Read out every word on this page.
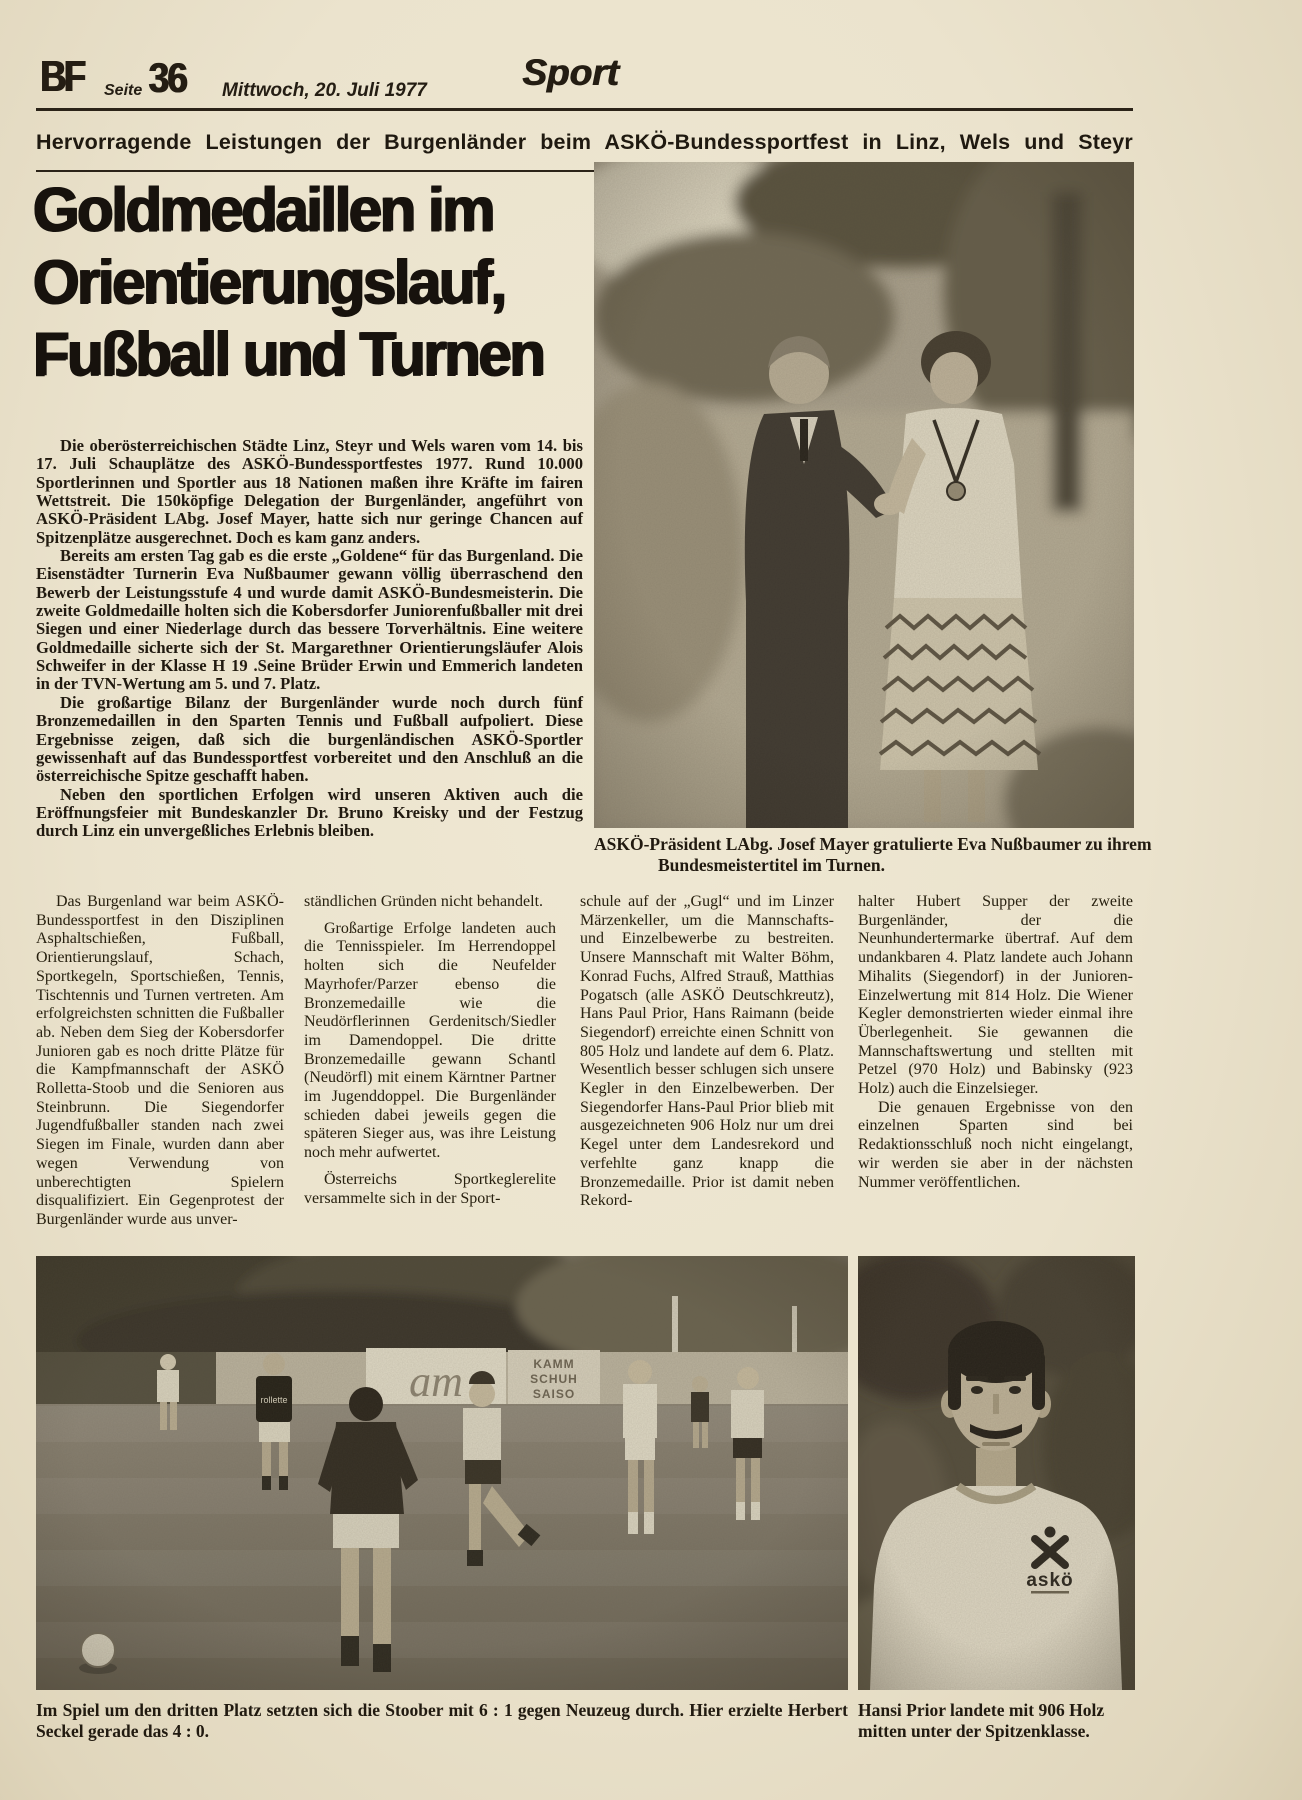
BF Seite 36 Mittwoch, 20. Juli 1977	Sport
Hervorragende Leistungen der Burgenländer beim ASKÖ-Bundessportfest in Linz, Wels und Steyr
Goldmedaillen im
Orientierungslauf,
Fußball und Turnen

Die oberösterreichischen Städte Linz, Steyr und Wels waren vom 14. bis 17. Juli Schauplätze des ASKÖ-Bundessportfestes 1977. Rund 10.000 Sportlerinnen und Sportler aus 18 Nationen maßen ihre Kräfte im fairen Wettstreit. Die 150köpfige Delegation der Burgenländer, angeführt von ASKÖ-Präsident LAbg. Josef Mayer, hatte sich nur geringe Chancen auf Spitzenplätze ausgerechnet. Doch es kam ganz anders.

Bereits am ersten Tag gab es die erste „Goldene“ für das Burgenland. Die Eisenstädter Turnerin Eva Nußbaumer gewann völlig überraschend den Bewerb der Leistungsstufe 4 und wurde damit ASKÖ-Bundesmeisterin. Die zweite Goldmedaille holten sich die Kobersdorfer Juniorenfußballer mit drei Siegen und einer Niederlage durch das bessere Torverhältnis. Eine weitere Goldmedaille sicherte sich der St. Margarethner Orientierungsläufer Alois Schweifer in der Klasse H 19 .Seine Brüder Erwin und Emmerich landeten in der TVN-Wertung am 5. und 7. Platz.

Die großartige Bilanz der Burgenländer wurde noch durch fünf Bronzemedaillen in den Sparten Tennis und Fußball aufpoliert. Diese Ergebnisse zeigen, daß sich die burgenländischen ASKÖ-Sportler gewissenhaft auf das Bundessportfest vorbereitet und den Anschluß an die österreichische Spitze geschafft haben.

Neben den sportlichen Erfolgen wird unseren Aktiven auch die Eröffnungsfeier mit Bundeskanzler Dr. Bruno Kreisky und der Festzug durch Linz ein unvergeßliches Erlebnis bleiben.

ASKÖ-Präsident LAbg. Josef Mayer gratulierte Eva Nußbaumer zu ihrem Bundesmeistertitel im Turnen.

Das Burgenland war beim ASKÖ-Bundessportfest in den Disziplinen Asphaltschießen, Fußball, Orientierungslauf, Schach, Sportkegeln, Sportschießen, Tennis, Tischtennis und Turnen vertreten. Am erfolgreichsten schnitten die Fußballer ab. Neben dem Sieg der Kobersdorfer Junioren gab es noch dritte Plätze für die Kampfmannschaft der ASKÖ Rolletta-Stoob und die Senioren aus Steinbrunn. Die Siegendorfer Jugendfußballer standen nach zwei Siegen im Finale, wurden dann aber wegen Verwendung von unberechtigten Spielern disqualifiziert. Ein Gegenprotest der Burgenländer wurde aus unver-

ständlichen Gründen nicht behandelt.

Großartige Erfolge landeten auch die Tennisspieler. Im Herrendoppel holten sich die Neufelder Mayrhofer/Parzer ebenso die Bronzemedaille wie die Neudörflerinnen Gerdenitsch/Siedler im Damendoppel. Die dritte Bronzemedaille gewann Schantl (Neudörfl) mit einem Kärntner Partner im Jugenddoppel. Die Burgenländer schieden dabei jeweils gegen die späteren Sieger aus, was ihre Leistung noch mehr aufwertet.

Österreichs Sportkeglerelite versammelte sich in der Sport-

schule auf der „Gugl“ und im Linzer Märzenkeller, um die Mannschafts- und Einzelbewerbe zu bestreiten. Unsere Mannschaft mit Walter Böhm, Konrad Fuchs, Alfred Strauß, Matthias Pogatsch (alle ASKÖ Deutschkreutz), Hans Paul Prior, Hans Raimann (beide Siegendorf) erreichte einen Schnitt von 805 Holz und landete auf dem 6. Platz. Wesentlich besser schlugen sich unsere Kegler in den Einzelbewerben. Der Siegendorfer Hans-Paul Prior blieb mit ausgezeichneten 906 Holz nur um drei Kegel unter dem Landesrekord und verfehlte ganz knapp die Bronzemedaille. Prior ist damit neben Rekord-

halter Hubert Supper der zweite Burgenländer, der die Neunhundertermarke übertraf. Auf dem undankbaren 4. Platz landete auch Johann Mihalits (Siegendorf) in der Junioren-Einzelwertung mit 814 Holz. Die Wiener Kegler demonstrierten wieder einmal ihre Überlegenheit. Sie gewannen die Mannschaftswertung und stellten mit Petzel (970 Holz) und Babinsky (923 Holz) auch die Einzelsieger.

Die genauen Ergebnisse von den einzelnen Sparten sind bei Redaktionsschluß noch nicht eingelangt, wir werden sie aber in der nächsten Nummer veröffentlichen.

Im Spiel um den dritten Platz setzten sich die Stoober mit 6 : 1 gegen Neuzeug durch. Hier erzielte Herbert Seckel gerade das 4 : 0.
Hansi Prior landete mit 906 Holz mitten unter der Spitzenklasse.
